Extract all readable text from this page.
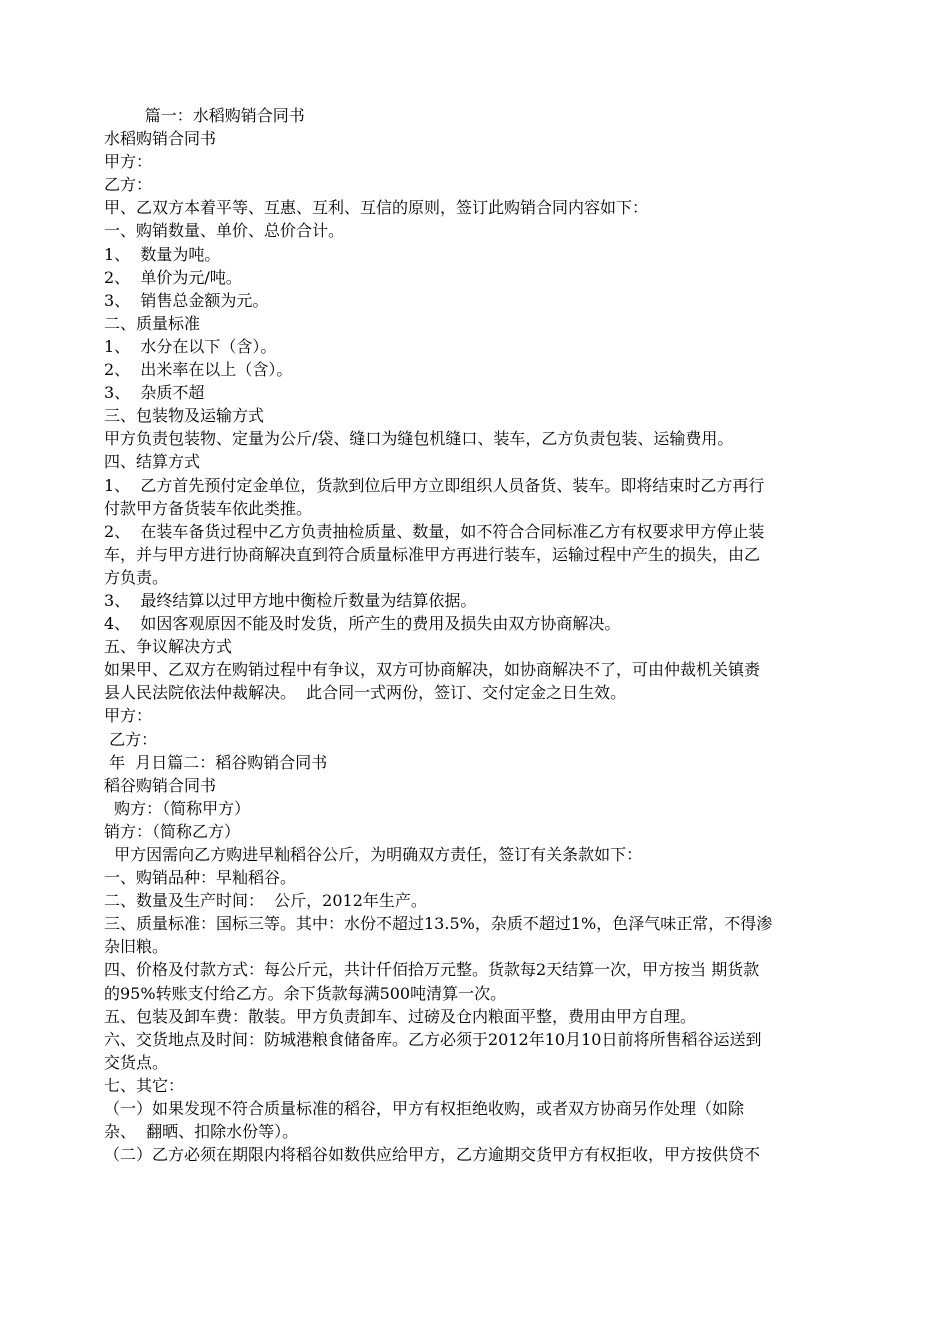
篇一：水稻购销合同书
水稻购销合同书
甲方：
乙方：
甲、乙双方本着平等、互惠、互利、互信的原则，签订此购销合同内容如下：
一、购销数量、单价、总价合计。
1、  数量为吨。
2、  单价为元/吨。
3、  销售总金额为元。
二、质量标准
1、  水分在以下（含）。
2、  出米率在以上（含）。
3、  杂质不超
三、包装物及运输方式
甲方负责包装物、定量为公斤/袋、缝口为缝包机缝口、装车，乙方负责包装、运输费用。
四、结算方式
1、  乙方首先预付定金单位，货款到位后甲方立即组织人员备货、装车。即将结束时乙方再行
付款甲方备货装车依此类推。
2、  在装车备货过程中乙方负责抽检质量、数量，如不符合合同标准乙方有权要求甲方停止装
车，并与甲方进行协商解决直到符合质量标准甲方再进行装车，运输过程中产生的损失，由乙
方负责。
3、  最终结算以过甲方地中衡检斤数量为结算依据。
4、  如因客观原因不能及时发货，所产生的费用及损失由双方协商解决。
五、争议解决方式
如果甲、乙双方在购销过程中有争议，双方可协商解决，如协商解决不了，可由仲裁机关镇赉
县人民法院依法仲裁解决。  此合同一式两份，签订、交付定金之日生效。
甲方：
乙方：
年  月日篇二：稻谷购销合同书
稻谷购销合同书
购方：（简称甲方）
销方：（简称乙方）
甲方因需向乙方购进早籼稻谷公斤，为明确双方责任，签订有关条款如下：
一、购销品种：早籼稻谷。
二、数量及生产时间：  公斤，2012年生产。
三、质量标准：国标三等。其中：水份不超过13.5%，杂质不超过1%，色泽气味正常，不得渗
杂旧粮。
四、价格及付款方式：每公斤元，共计仟佰拾万元整。货款每2天结算一次，甲方按当 期货款
的95%转账支付给乙方。余下货款每满500吨清算一次。
五、包装及卸车费：散装。甲方负责卸车、过磅及仓内粮面平整，费用由甲方自理。
六、交货地点及时间：防城港粮食储备库。乙方必须于2012年10月10日前将所售稻谷运送到
交货点。
七、其它：
（一）如果发现不符合质量标准的稻谷，甲方有权拒绝收购，或者双方协商另作处理（如除
杂、  翻晒、扣除水份等）。
（二）乙方必须在期限内将稻谷如数供应给甲方，乙方逾期交货甲方有权拒收，甲方按供贷不
